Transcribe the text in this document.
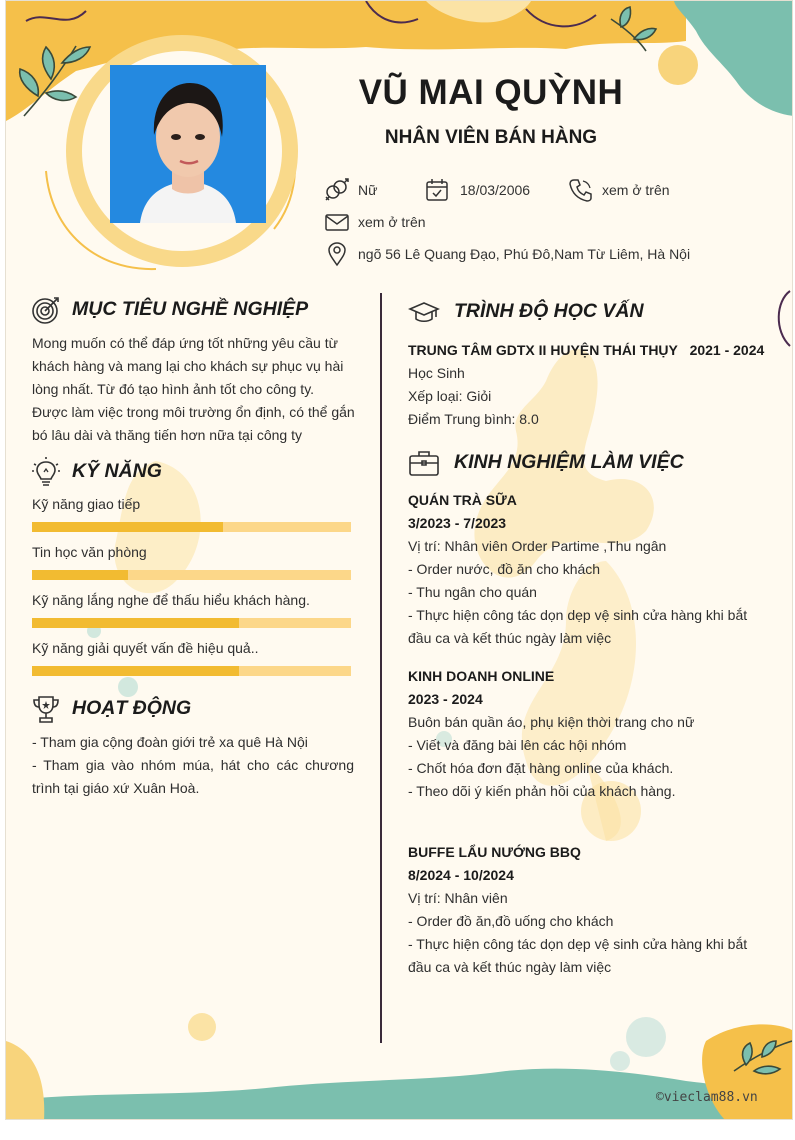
VŨ MAI QUỲNH
NHÂN VIÊN BÁN HÀNG
Nữ	18/03/2006	xem ở trên
xem ở trên
ngõ 56 Lê Quang Đạo, Phú Đô,Nam Từ Liêm, Hà Nội
MỤC TIÊU NGHỀ NGHIỆP
Mong muốn có thể đáp ứng tốt những yêu cầu từ
khách hàng và mang lại cho khách sự phục vụ hài
lòng nhất. Từ đó tạo hình ảnh tốt cho công ty.
Được làm việc trong môi trường ổn định, có thể gắn
bó lâu dài và thăng tiến hơn nữa tại công ty
KỸ NĂNG
HOẠT ĐỘNG
- Tham gia cộng đoàn giới trẻ xa quê Hà Nội
- Tham gia vào nhóm múa, hát cho các chương trình tại giáo xứ Xuân Hoà.
TRÌNH ĐỘ HỌC VẤN
TRUNG TÂM GDTX II HUYỆN THÁI THỤY 2021 - 2024
Học Sinh
Xếp loại: Giỏi
Điểm Trung bình: 8.0
KINH NGHIỆM LÀM VIỆC
QUÁN TRÀ SỮA
3/2023 - 7/2023
Vị trí: Nhân viên Order Partime ,Thu ngân
- Order nước, đồ ăn cho khách
- Thu ngân cho quán
- Thực hiện công tác dọn dẹp vệ sinh cửa hàng khi bắt đầu ca và kết thúc ngày làm việc
KINH DOANH ONLINE
2023 - 2024
Buôn bán quần áo, phụ kiện thời trang cho nữ
- Viết và đăng bài lên các hội nhóm
- Chốt hóa đơn đặt hàng online của khách.
- Theo dõi ý kiến phản hồi của khách hàng.
BUFFE LẨU NƯỚNG BBQ
8/2024 - 10/2024
Vị trí: Nhân viên
- Order đồ ăn,đồ uống cho khách
- Thực hiện công tác dọn dẹp vệ sinh cửa hàng khi bắt đầu ca và kết thúc ngày làm việc
©vieclam88.vn
Kỹ năng giao tiếp
Tin học văn phòng
Kỹ năng lắng nghe để thấu hiểu khách hàng.
Kỹ năng giải quyết vấn đề hiệu quả..
